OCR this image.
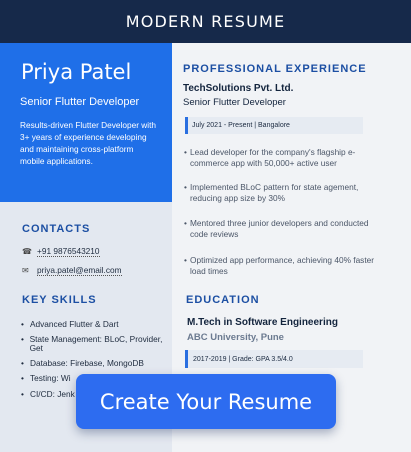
MODERN RESUME
Priya Patel
Senior Flutter Developer
Results-driven Flutter Developer with 3+ years of experience developing and maintaining cross-platform mobile applications.
CONTACTS
☎ +91 9876543210
✉ priya.patel@email.com
KEY SKILLS
• Advanced Flutter & Dart
• State Management: BLoC, Provider, Get
• Database: Firebase, MongoDB
• Testing: Wi
• CI/CD: Jenk
PROFESSIONAL EXPERIENCE
TechSolutions Pvt. Ltd.
Senior Flutter Developer
July 2021 - Present | Bangalore
• Lead developer for the company's flagship e-commerce app with 50,000+ active user
• Implemented BLoC pattern for state agement, reducing app size by 30%
• Mentored three junior developers and conducted code reviews
• Optimized app performance, achieving 40% faster load times
EDUCATION
M.Tech in Software Engineering
ABC University, Pune
2017-2019 | Grade: GPA 3.5/4.0
Create Your Resume
